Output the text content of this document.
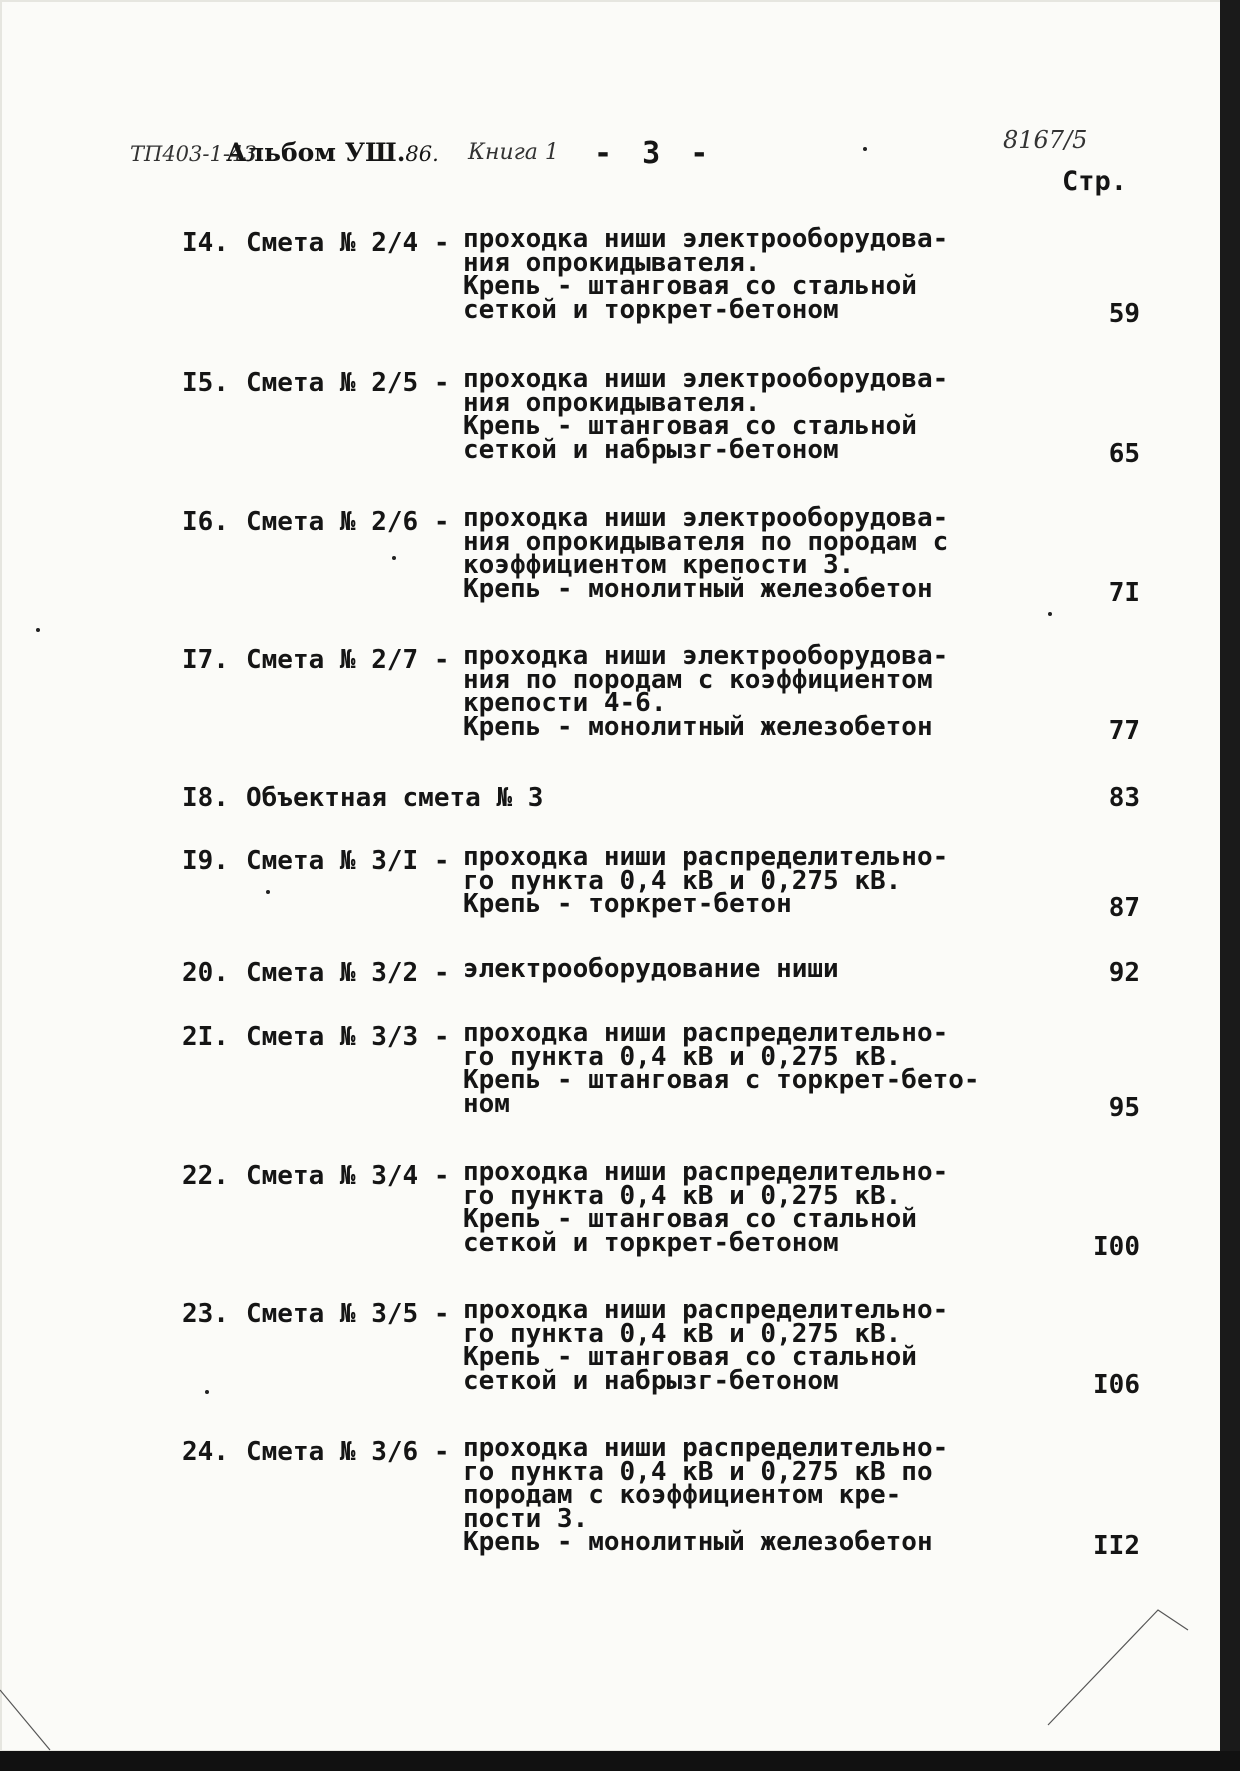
ТП403-1-43
Альбом УШ.86. Книга 1 - 3 -	8167/5
Стр.
I4. Смета № 2/4 - проходка ниши электрооборудова-
ния опрокидывателя.
Крепь - штанговая со стальной
сеткой и торкрет-бетоном	59
I5. Смета № 2/5 - проходка ниши электрооборудова-
ния опрокидывателя.
Крепь - штанговая со стальной
сеткой и набрызг-бетоном	65
I6. Смета № 2/6 - проходка ниши электрооборудова-
ния опрокидывателя по породам с
коэффициентом крепости 3.
Крепь - монолитный железобетон	7I
I7. Смета № 2/7 - проходка ниши электрооборудова-
ния по породам с коэффициентом
крепости 4-6.
Крепь - монолитный железобетон	77
I8. Объектная смета № 3	83
I9. Смета № 3/I - проходка ниши распределительно-
го пункта 0,4 кВ и 0,275 кВ.
Крепь - торкрет-бетон	87
20. Смета № 3/2 - электрооборудование ниши	92
2I. Смета № 3/3 - проходка ниши распределительно-
го пункта 0,4 кВ и 0,275 кВ.
Крепь - штанговая с торкрет-бето-
ном	95
22. Смета № 3/4 - проходка ниши распределительно-
го пункта 0,4 кВ и 0,275 кВ.
Крепь - штанговая со стальной
сеткой и торкрет-бетоном	I00
23. Смета № 3/5 - проходка ниши распределительно-
го пункта 0,4 кВ и 0,275 кВ.
Крепь - штанговая со стальной
сеткой и набрызг-бетоном	I06
24. Смета № 3/6 - проходка ниши распределительно-
го пункта 0,4 кВ и 0,275 кВ по
породам с коэффициентом кре-
пости 3.
Крепь - монолитный железобетон	II2
